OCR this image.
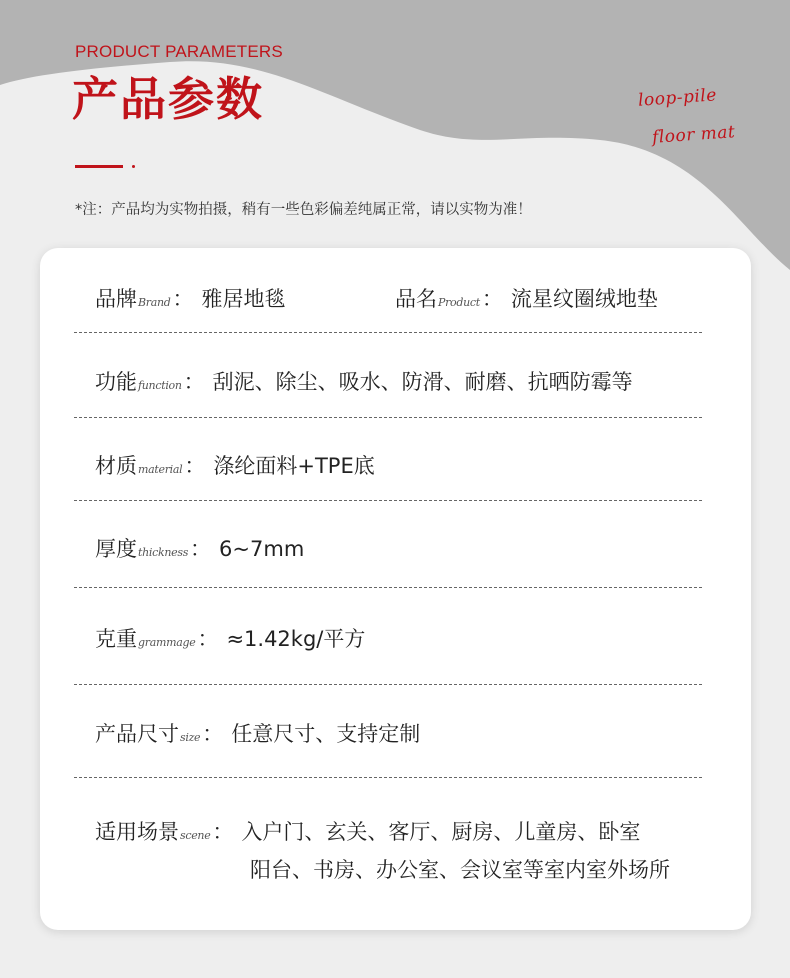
PRODUCT PARAMETERS
产品参数	loop-pile
floor mat
*注：产品均为实物拍摄，稍有一些色彩偏差纯属正常，请以实物为准！
品牌 Brand ： 雅居地毯	品名 Product ： 流星纹圈绒地垫
功能 function ： 刮泥、除尘、吸水、防滑、耐磨、抗晒防霉等
材质 material ： 涤纶面料+TPE底
厚度 thickness ： 6~7mm
克重 grammage ： ≈1.42kg/平方
产品尺寸 size ： 任意尺寸、支持定制
适用场景 scene ： 入户门、玄关、客厅、厨房、儿童房、卧室
阳台、书房、办公室、会议室等室内室外场所
